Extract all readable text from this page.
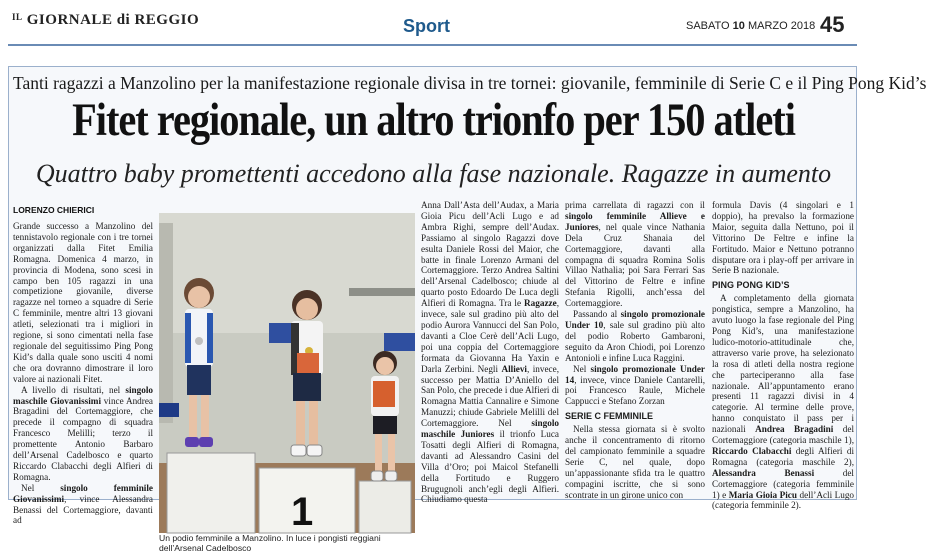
$^{IL}$ GIORNALE di REGGIO	Sport	SABATO 10 MARZO 2018 45
Tanti ragazzi a Manzolino per la manifestazione regionale divisa in tre tornei: giovanile, femminile di Serie C e il Ping Pong Kid’s
Fitet regionale, un altro trionfo per 150 atleti
Quattro baby promettenti accedono alla fase nazionale. Ragazze in aumento
LORENZO CHIERICI

Grande successo a Manzolino del tennistavolo regionale con i tre tornei organizzati dalla Fitet Emilia Romagna. Domenica 4 marzo, in provincia di Modena, sono scesi in campo ben 105 ragazzi in una competizione giovanile, diverse ragazze nel torneo a squadre di Serie C femminile, mentre altri 13 giovani atleti, selezionati tra i migliori in regione, si sono cimentati nella fase regionale del seguitissimo Ping Pong Kid’s dalla quale sono usciti 4 nomi che ora dovranno dimostrare il loro valore ai nazionali Fitet.

A livello di risultati, nel singolo maschile Giovanissimi vince Andrea Bragadini del Cortemaggiore, che precede il compagno di squadra Francesco Melilli; terzo il promettente Antonio Barbaro dell’Arsenal Cadelbosco e quarto Riccardo Clabacchi degli Alfieri di Romagna.

Nel	singolo femminile Giovanissimi, vince Alessandra Benassi del Cortemaggiore, davanti ad	1
Un podio femminile a Manzolino. In luce i pongisti reggiani dell’Arsenal Cadelbosco

Anna Dall’Asta dell’Audax, a Maria Gioia Picu dell’Acli Lugo e ad Ambra Righi, sempre dell’Audax. Passiamo al singolo Ragazzi dove esulta Daniele Rossi del Maior, che batte in finale Lorenzo Armani del Cortemaggiore. Terzo Andrea Saltini dell’Arsenal Cadelbosco; chiude al quarto posto Edoardo De Luca degli Alfieri di Romagna. Tra le Ragazze, invece, sale sul gradino più alto del podio Aurora Vannucci del San Polo, davanti a Cloe Cerè dell’Acli Lugo, poi una coppia del Cortemaggiore formata da Giovanna Ha Yaxin e Darla Zerbini. Negli Allievi, invece, successo per Mattia D’Aniello del San Polo, che precede i due Alfieri di Romagna Mattia Cannalire e Simone Manuzzi; chiude Gabriele Melilli del Cortemaggiore. Nel singolo maschile Juniores il trionfo Luca Tosatti degli Alfieri di Romagna, davanti ad Alessandro Casini del Villa d’Oro; poi Maicol Stefanelli della Fortitudo e Ruggero Brugugnoli anch’egli degli Alfieri. Chiudiamo questa

prima carrellata di ragazzi con il singolo femminile Allieve e Juniores, nel quale vince Nathania Dela Cruz Shanaia del Cortemaggiore, davanti alla compagna di squadra Romina Solis Villao Nathalia; poi Sara Ferrari Sas del Vittorino de Feltre e infine Stefania Rigolli, anch’essa del Cortemaggiore.

Passando al singolo promozionale Under 10, sale sul gradino più alto del podio Roberto Gambaroni, seguito da Aron Chiodi, poi Lorenzo Antonioli e infine Luca Raggini.

Nel singolo promozionale Under 14, invece, vince Daniele Cantarelli, poi Francesco Raule, Michele Cappucci e Stefano Zorzan

SERIE C FEMMINILE

Nella stessa giornata si è svolto anche il concentramento di ritorno del campionato femminile a squadre Serie C, nel quale, dopo un’appassionante sfida tra le quattro compagini iscritte, che si sono scontrate in un girone unico con

formula Davis (4 singolari e 1 doppio), ha prevalso la formazione Maior, seguita dalla Nettuno, poi il Vittorino De Feltre e infine la Fortitudo. Maior e Nettuno potranno disputare ora i play-off per arrivare in Serie B nazionale.

PING PONG KID’S

A completamento della giornata pongistica, sempre a Manzolino, ha avuto luogo la fase regionale del Ping Pong Kid’s, una manifestazione ludico-motorio-attitudinale che, attraverso varie prove, ha selezionato la rosa di atleti della nostra regione che parteciperanno alla fase nazionale. All’appuntamento erano presenti 11 ragazzi divisi in 4 categorie. Al termine delle prove, hanno conquistato il pass per i nazionali Andrea Bragadini del Cortemaggiore (categoria maschile 1), Riccardo Clabacchi degli Alfieri di Romagna (categoria maschile 2), Alessandra Benassi	del Cortemaggiore (categoria femminile 1) e Maria Gioia Picu dell’Acli Lugo (categoria femminile 2).
